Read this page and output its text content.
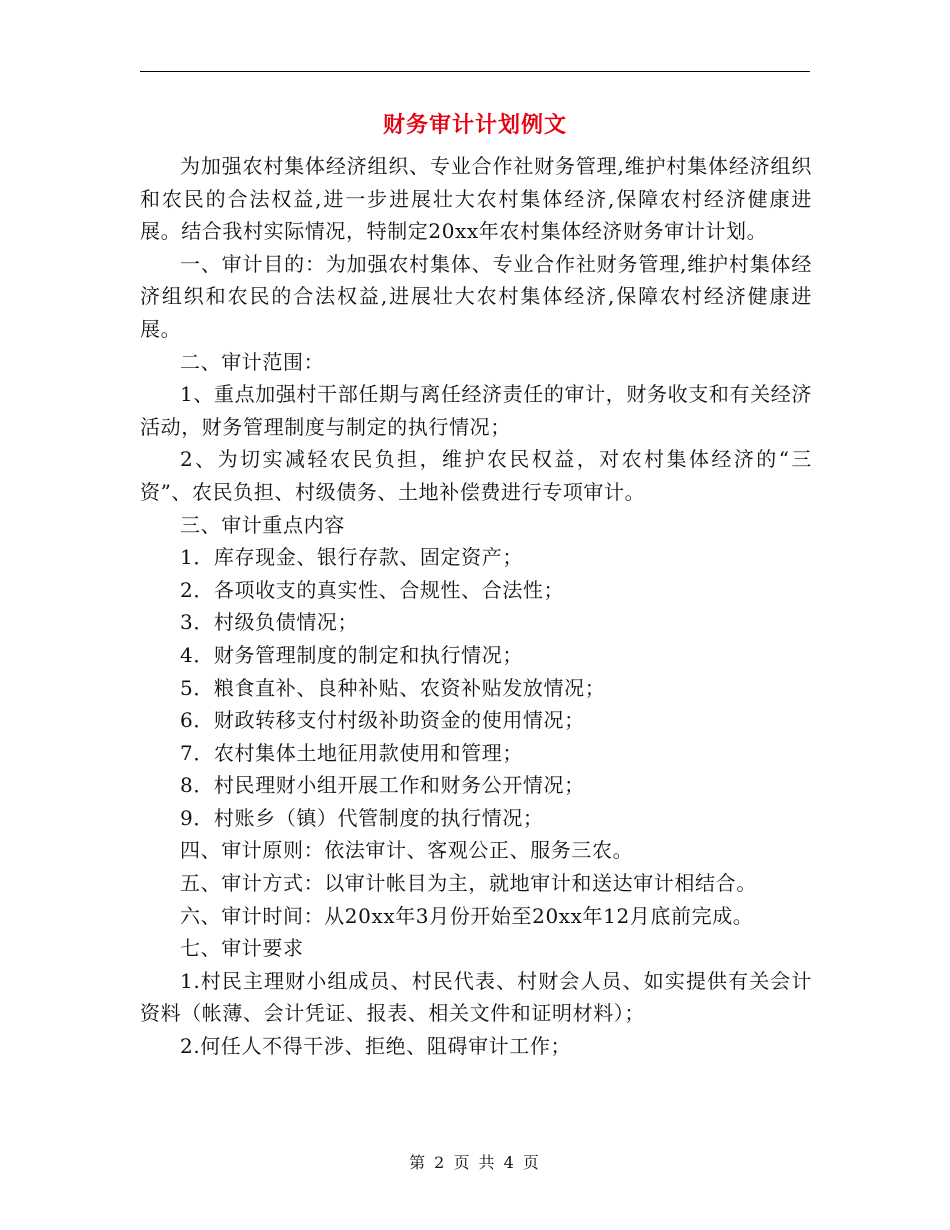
财务审计计划例文

为加强农村集体经济组织、专业合作社财务管理,维护村集体经济组织和农民的合法权益,进一步进展壮大农村集体经济,保障农村经济健康进展。结合我村实际情况，特制定20xx年农村集体经济财务审计计划。

一、审计目的：为加强农村集体、专业合作社财务管理,维护村集体经济组织和农民的合法权益,进展壮大农村集体经济,保障农村经济健康进展。

二、审计范围：

1、重点加强村干部任期与离任经济责任的审计，财务收支和有关经济活动，财务管理制度与制定的执行情况；

2、为切实减轻农民负担，维护农民权益，对农村集体经济的“三资”、农民负担、村级债务、土地补偿费进行专项审计。

三、审计重点内容

1．库存现金、银行存款、固定资产；

2．各项收支的真实性、合规性、合法性；

3．村级负债情况；

4．财务管理制度的制定和执行情况；

5．粮食直补、良种补贴、农资补贴发放情况；

6．财政转移支付村级补助资金的使用情况；

7．农村集体土地征用款使用和管理；

8．村民理财小组开展工作和财务公开情况；

9．村账乡（镇）代管制度的执行情况；

四、审计原则：依法审计、客观公正、服务三农。

五、审计方式：以审计帐目为主，就地审计和送达审计相结合。

六、审计时间：从20xx年3月份开始至20xx年12月底前完成。

七、审计要求

1.村民主理财小组成员、村民代表、村财会人员、如实提供有关会计资料（帐薄、会计凭证、报表、相关文件和证明材料）；

2.何任人不得干涉、拒绝、阻碍审计工作；

第 2 页 共 4 页
